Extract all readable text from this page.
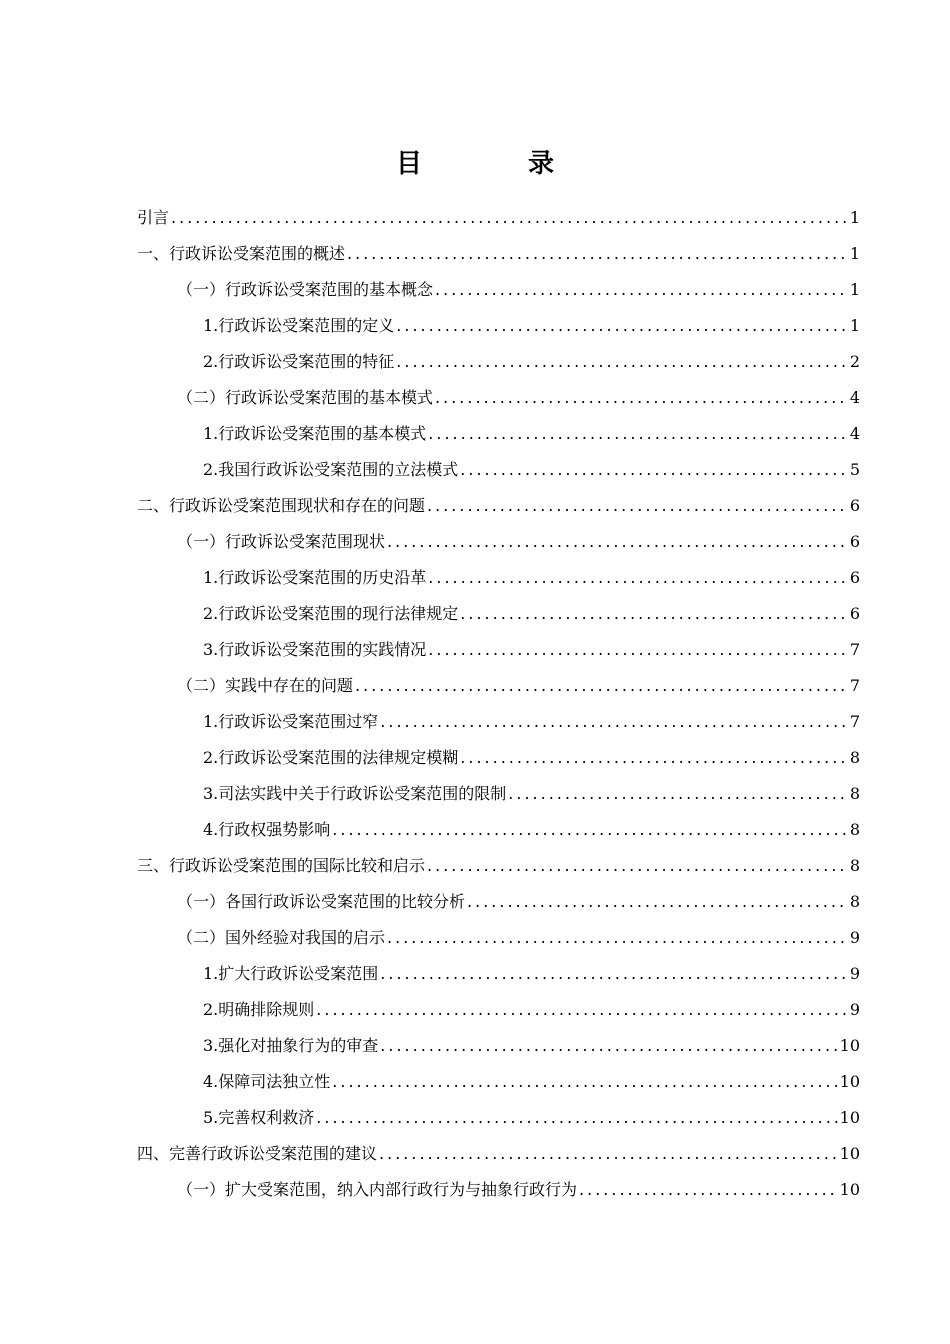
目　录
引言 .....	1
一、行政诉讼受案范围的概述 .....	1
（一）行政诉讼受案范围的基本概念 .....	1
1.行政诉讼受案范围的定义 .....	1
2.行政诉讼受案范围的特征 .....	2
（二）行政诉讼受案范围的基本模式 .....	4
1.行政诉讼受案范围的基本模式 .....	4
2.我国行政诉讼受案范围的立法模式 .....	5
二、行政诉讼受案范围现状和存在的问题 .....	6
（一）行政诉讼受案范围现状 .....	6
1.行政诉讼受案范围的历史沿革 .....	6
2.行政诉讼受案范围的现行法律规定 .....	6
3.行政诉讼受案范围的实践情况 .....	7
（二）实践中存在的问题 .....	7
1.行政诉讼受案范围过窄 .....	7
2.行政诉讼受案范围的法律规定模糊 .....	8
3.司法实践中关于行政诉讼受案范围的限制 .....	8
4.行政权强势影响 .....	8
三、行政诉讼受案范围的国际比较和启示 .....	8
（一）各国行政诉讼受案范围的比较分析 .....	8
（二）国外经验对我国的启示 .....	9
1.扩大行政诉讼受案范围 .....	9
2.明确排除规则 .....	9
3.强化对抽象行为的审查 .....	10
4.保障司法独立性 .....	10
5.完善权利救济 .....	10
四、完善行政诉讼受案范围的建议 .....	10
（一）扩大受案范围，纳入内部行政行为与抽象行政行为 .....	10
